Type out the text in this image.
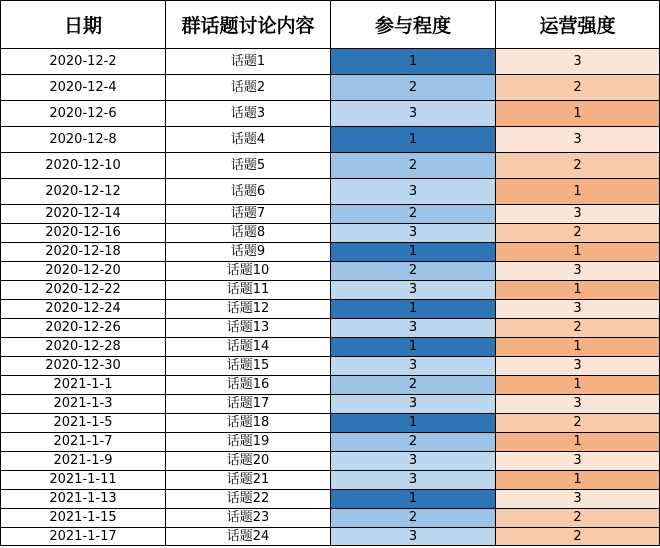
日期	群话题讨论内容	参与程度	运营强度
2020-12-2	话题1	1	3
2020-12-4	话题2	2	2
2020-12-6	话题3	3	1
2020-12-8	话题4	1	3
2020-12-10	话题5	2	2
2020-12-12	话题6	3	1
2020-12-14	话题7	2	3
2020-12-16	话题8	3	2
2020-12-18	话题9	1	1
2020-12-20	话题10	2	3
2020-12-22	话题11	3	1
2020-12-24	话题12	1	3
2020-12-26	话题13	3	2
2020-12-28	话题14	1	1
2020-12-30	话题15	3	3
2021-1-1	话题16	2	1
2021-1-3	话题17	3	3
2021-1-5	话题18	1	2
2021-1-7	话题19	2	1
2021-1-9	话题20	3	3
2021-1-11	话题21	3	1
2021-1-13	话题22	1	3
2021-1-15	话题23	2	2
2021-1-17	话题24	3	2
